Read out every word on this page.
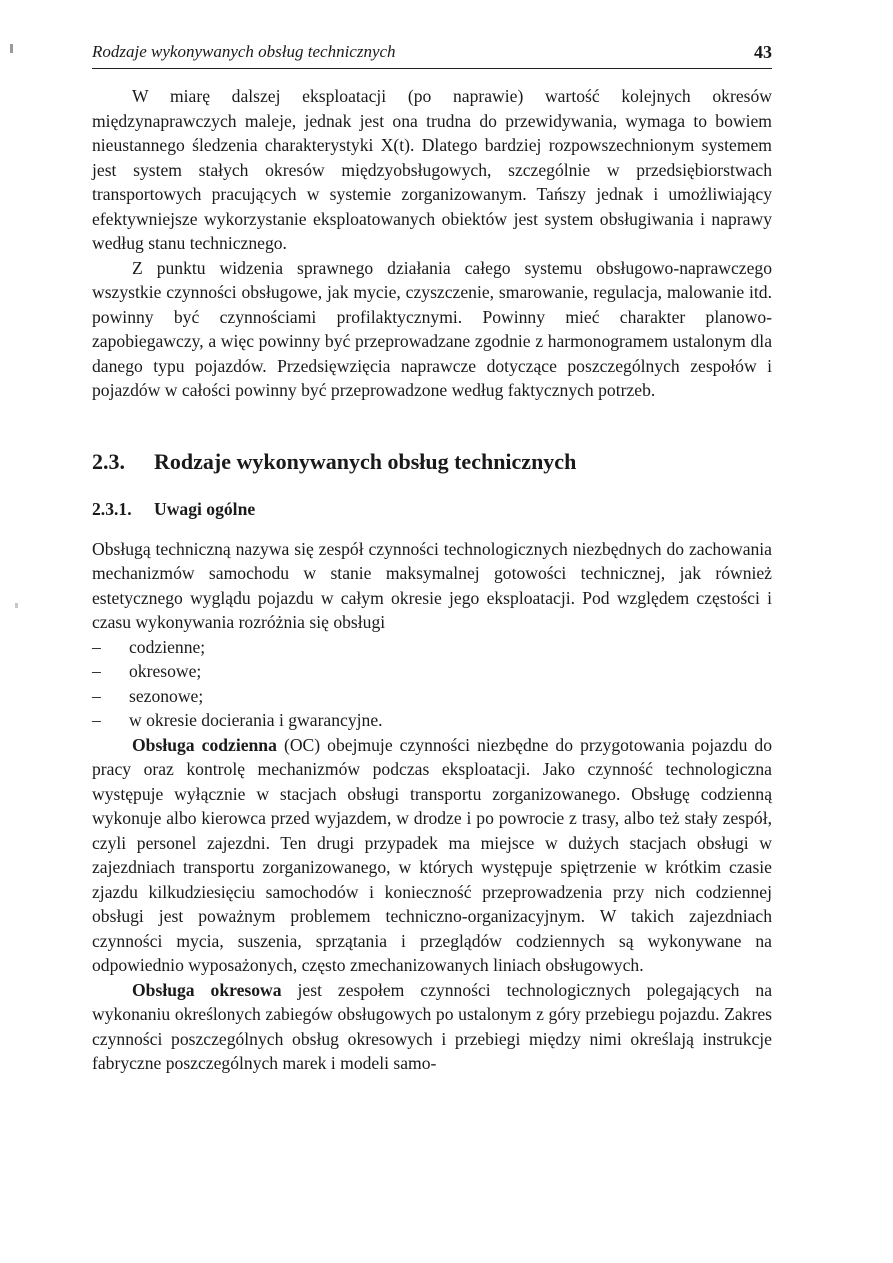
Rodzaje wykonywanych obsług technicznych	43

W miarę dalszej eksploatacji (po naprawie) wartość kolejnych okresów międzynaprawczych maleje, jednak jest ona trudna do przewidywania, wymaga to bowiem nieustannego śledzenia charakterystyki X(t). Dlatego bardziej rozpowszechnionym systemem jest system stałych okresów międzyobsługowych, szczególnie w przedsiębiorstwach transportowych pracujących w systemie zorganizowanym. Tańszy jednak i umożliwiający efektywniejsze wykorzystanie eksploatowanych obiektów jest system obsługiwania i naprawy według stanu technicznego.

Z punktu widzenia sprawnego działania całego systemu obsługowo-naprawczego wszystkie czynności obsługowe, jak mycie, czyszczenie, smarowanie, regulacja, malowanie itd. powinny być czynnościami profilaktycznymi. Powinny mieć charakter planowo-zapobiegawczy, a więc powinny być przeprowadzane zgodnie z harmonogramem ustalonym dla danego typu pojazdów. Przedsięwzięcia naprawcze dotyczące poszczególnych zespołów i pojazdów w całości powinny być przeprowadzone według faktycznych potrzeb.

2.3. Rodzaje wykonywanych obsług technicznych
2.3.1. Uwagi ogólne

Obsługą techniczną nazywa się zespół czynności technologicznych niezbędnych do zachowania mechanizmów samochodu w stanie maksymalnej gotowości technicznej, jak również estetycznego wyglądu pojazdu w całym okresie jego eksploatacji. Pod względem częstości i czasu wykonywania rozróżnia się obsługi

– codzienne;
– okresowe;
– sezonowe;
– w okresie docierania i gwarancyjne.

Obsługa codzienna (OC) obejmuje czynności niezbędne do przygotowania pojazdu do pracy oraz kontrolę mechanizmów podczas eksploatacji. Jako czynność technologiczna występuje wyłącznie w stacjach obsługi transportu zorganizowanego. Obsługę codzienną wykonuje albo kierowca przed wyjazdem, w drodze i po powrocie z trasy, albo też stały zespół, czyli personel zajezdni. Ten drugi przypadek ma miejsce w dużych stacjach obsługi w zajezdniach transportu zorganizowanego, w których występuje spiętrzenie w krótkim czasie zjazdu kilkudziesięciu samochodów i konieczność przeprowadzenia przy nich codziennej obsługi jest poważnym problemem techniczno-organizacyjnym. W takich zajezdniach czynności mycia, suszenia, sprzątania i przeglądów codziennych są wykonywane na odpowiednio wyposażonych, często zmechanizowanych liniach obsługowych.

Obsługa okresowa jest zespołem czynności technologicznych polegających na wykonaniu określonych zabiegów obsługowych po ustalonym z góry przebiegu pojazdu. Zakres czynności poszczególnych obsług okresowych i przebiegi między nimi określają instrukcje fabryczne poszczególnych marek i modeli samo-
